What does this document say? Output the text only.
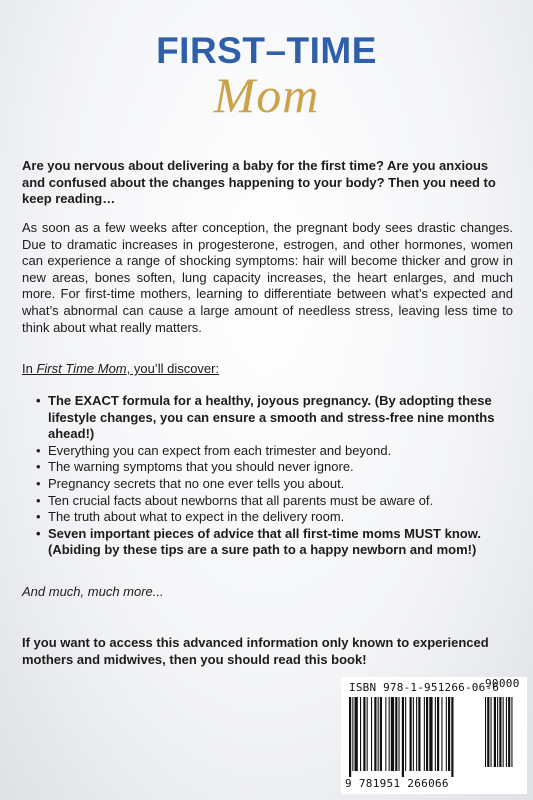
FIRST–TIME
Mom
Are you nervous about delivering a baby for the first time? Are you anxious and confused about the changes happening to your body? Then you need to keep reading…
As soon as a few weeks after conception, the pregnant body sees drastic changes. Due to dramatic increases in progesterone, estrogen, and other hormones, women can experience a range of shocking symptoms: hair will become thicker and grow in new areas, bones soften, lung capacity increases, the heart enlarges, and much more. For first-time mothers, learning to differentiate between what’s expected and what’s abnormal can cause a large amount of needless stress, leaving less time to think about what really matters.
In First Time Mom, you’ll discover:
• The EXACT formula for a healthy, joyous pregnancy. (By adopting these lifestyle changes, you can ensure a smooth and stress-free nine months ahead!)
• Everything you can expect from each trimester and beyond.
• The warning symptoms that you should never ignore.
• Pregnancy secrets that no one ever tells you about.
• Ten crucial facts about newborns that all parents must be aware of.
• The truth about what to expect in the delivery room.
• Seven important pieces of advice that all first-time moms MUST know. (Abiding by these tips are a sure path to a happy newborn and mom!)
And much, much more...
If you want to access this advanced information only known to experienced mothers and midwives, then you should read this book!
ISBN 978-1-951266-06-6
9 781951 266066
90000
